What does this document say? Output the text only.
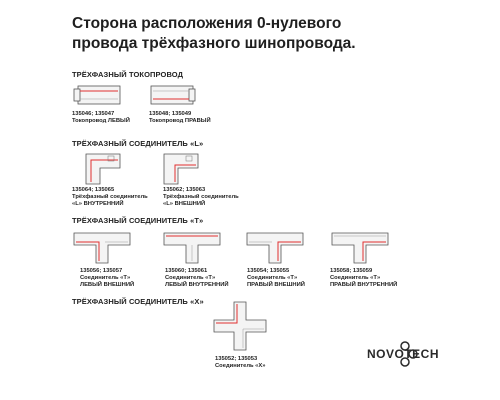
Сторона расположения 0-нулевого
провода трёхфазного шинопровода.
ТРЁХФАЗНЫЙ ТОКОПРОВОД
135046; 135047
Токопровод ЛЕВЫЙ
135048; 135049
Токопровод ПРАВЫЙ
ТРЁХФАЗНЫЙ СОЕДИНИТЕЛЬ «L»
135064; 135065
Трёхфазный соединитель
«L» ВНУТРЕННИЙ
135062; 135063
Трёхфазный соединитель
«L» ВНЕШНИЙ
ТРЁХФАЗНЫЙ СОЕДИНИТЕЛЬ «Т»
135056; 135057
Соединитель «Т»
ЛЕВЫЙ ВНЕШНИЙ
135060; 135061
Соединитель «Т»
ЛЕВЫЙ ВНУТРЕННИЙ
135054; 135055
Соединитель «Т»
ПРАВЫЙ ВНЕШНИЙ
135058; 135059
Соединитель «Т»
ПРАВЫЙ ВНУТРЕННИЙ
ТРЁХФАЗНЫЙ СОЕДИНИТЕЛЬ «Х»
135052; 135053
Соединитель «Х»
NOVOTECH
